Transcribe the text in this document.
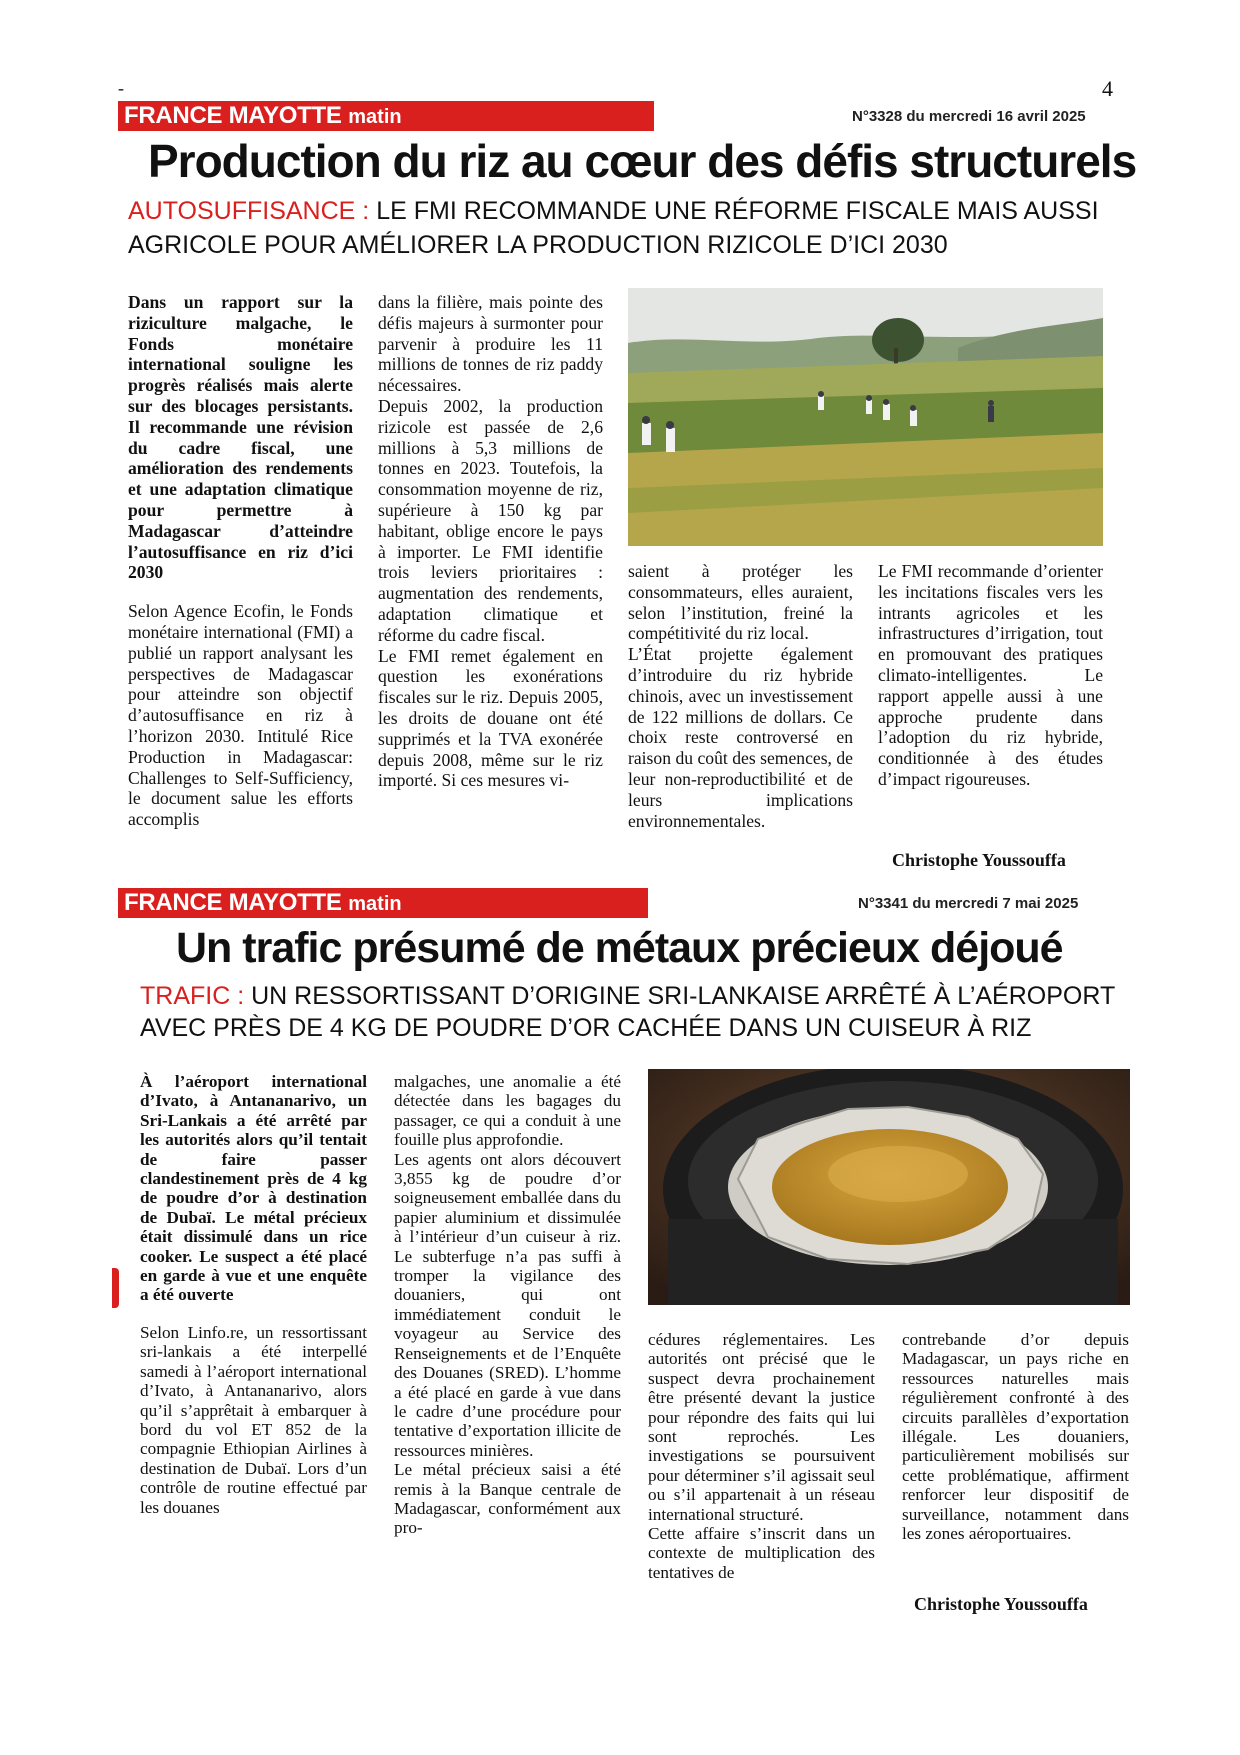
-	4
FRANCE MAYOTTE matin	N°3328 du mercredi 16 avril 2025
Production du riz au cœur des défis structurels
AUTOSUFFISANCE : LE FMI RECOMMANDE UNE RÉFORME FISCALE MAIS AUSSI AGRICOLE POUR AMÉLIORER LA PRODUCTION RIZICOLE D’ICI 2030

Dans un rapport sur la riziculture malgache, le Fonds monétaire international souligne les progrès réalisés mais alerte sur des blocages persistants. Il recommande une révision du cadre fiscal, une amélioration des rendements et une adaptation climatique pour permettre à Madagascar d’atteindre l’autosuffisance en riz d’ici 2030

Selon Agence Ecofin, le Fonds monétaire international (FMI) a publié un rapport analysant les perspectives de Madagascar pour atteindre son objectif d’autosuffisance en riz à l’horizon 2030. Intitulé Rice Production in Madagascar: Challenges to Self-Sufficiency, le document salue les efforts accomplis

dans la filière, mais pointe des défis majeurs à surmonter pour parvenir à produire les 11 millions de tonnes de riz paddy nécessaires.

Depuis 2002, la production rizicole est passée de 2,6 millions à 5,3 millions de tonnes en 2023. Toutefois, la consommation moyenne de riz, supérieure à 150 kg par habitant, oblige encore le pays à importer. Le FMI identifie trois leviers prioritaires : augmentation des rendements, adaptation climatique et réforme du cadre fiscal.

Le FMI remet également en question les exonérations fiscales sur le riz. Depuis 2005, les droits de douane ont été supprimés et la TVA exonérée depuis 2008, même sur le riz importé. Si ces mesures vi-

saient à protéger les consommateurs, elles auraient, selon l’institution, freiné la compétitivité du riz local.

L’État projette également d’introduire du riz hybride chinois, avec un investissement de 122 millions de dollars. Ce choix reste controversé en raison du coût des semences, de leur non-reproductibilité et de leurs implications environnementales.

Le FMI recommande d’orienter les incitations fiscales vers les intrants agricoles et les infrastructures d’irrigation, tout en promouvant des pratiques climato-intelligentes. Le rapport appelle aussi à une approche prudente dans l’adoption du riz hybride, conditionnée à des études d’impact rigoureuses.

Christophe Youssouffa
FRANCE MAYOTTE matin	N°3341 du mercredi 7 mai 2025
Un trafic présumé de métaux précieux déjoué
TRAFIC : UN RESSORTISSANT D’ORIGINE SRI-LANKAISE ARRÊTÉ À L’AÉROPORT AVEC PRÈS DE 4 KG DE POUDRE D’OR CACHÉE DANS UN CUISEUR À RIZ

À l’aéroport international d’Ivato, à Antananarivo, un Sri-Lankais a été arrêté par les autorités alors qu’il tentait de faire passer clandestinement près de 4 kg de poudre d’or à destination de Dubaï. Le métal précieux était dissimulé dans un rice cooker. Le suspect a été placé en garde à vue et une enquête a été ouverte

Selon Linfo.re, un ressortissant sri-lankais a été interpellé samedi à l’aéroport international d’Ivato, à Antananarivo, alors qu’il s’apprêtait à embarquer à bord du vol ET 852 de la compagnie Ethiopian Airlines à destination de Dubaï. Lors d’un contrôle de routine effectué par les douanes

malgaches, une anomalie a été détectée dans les bagages du passager, ce qui a conduit à une fouille plus approfondie.

Les agents ont alors découvert 3,855 kg de poudre d’or soigneusement emballée dans du papier aluminium et dissimulée à l’intérieur d’un cuiseur à riz. Le subterfuge n’a pas suffi à tromper la vigilance des douaniers, qui ont immédiatement conduit le voyageur au Service des Renseignements et de l’Enquête des Douanes (SRED). L’homme a été placé en garde à vue dans le cadre d’une procédure pour tentative d’exportation illicite de ressources minières.

Le métal précieux saisi a été remis à la Banque centrale de Madagascar, conformément aux pro-

cédures réglementaires. Les autorités ont précisé que le suspect devra prochainement être présenté devant la justice pour répondre des faits qui lui sont reprochés. Les investigations se poursuivent pour déterminer s’il agissait seul ou s’il appartenait à un réseau international structuré.

Cette affaire s’inscrit dans un contexte de multiplication des tentatives de

contrebande d’or depuis Madagascar, un pays riche en ressources naturelles mais régulièrement confronté à des circuits parallèles d’exportation illégale. Les douaniers, particulièrement mobilisés sur cette problématique, affirment renforcer leur dispositif de surveillance, notamment dans les zones aéroportuaires.

Christophe Youssouffa
